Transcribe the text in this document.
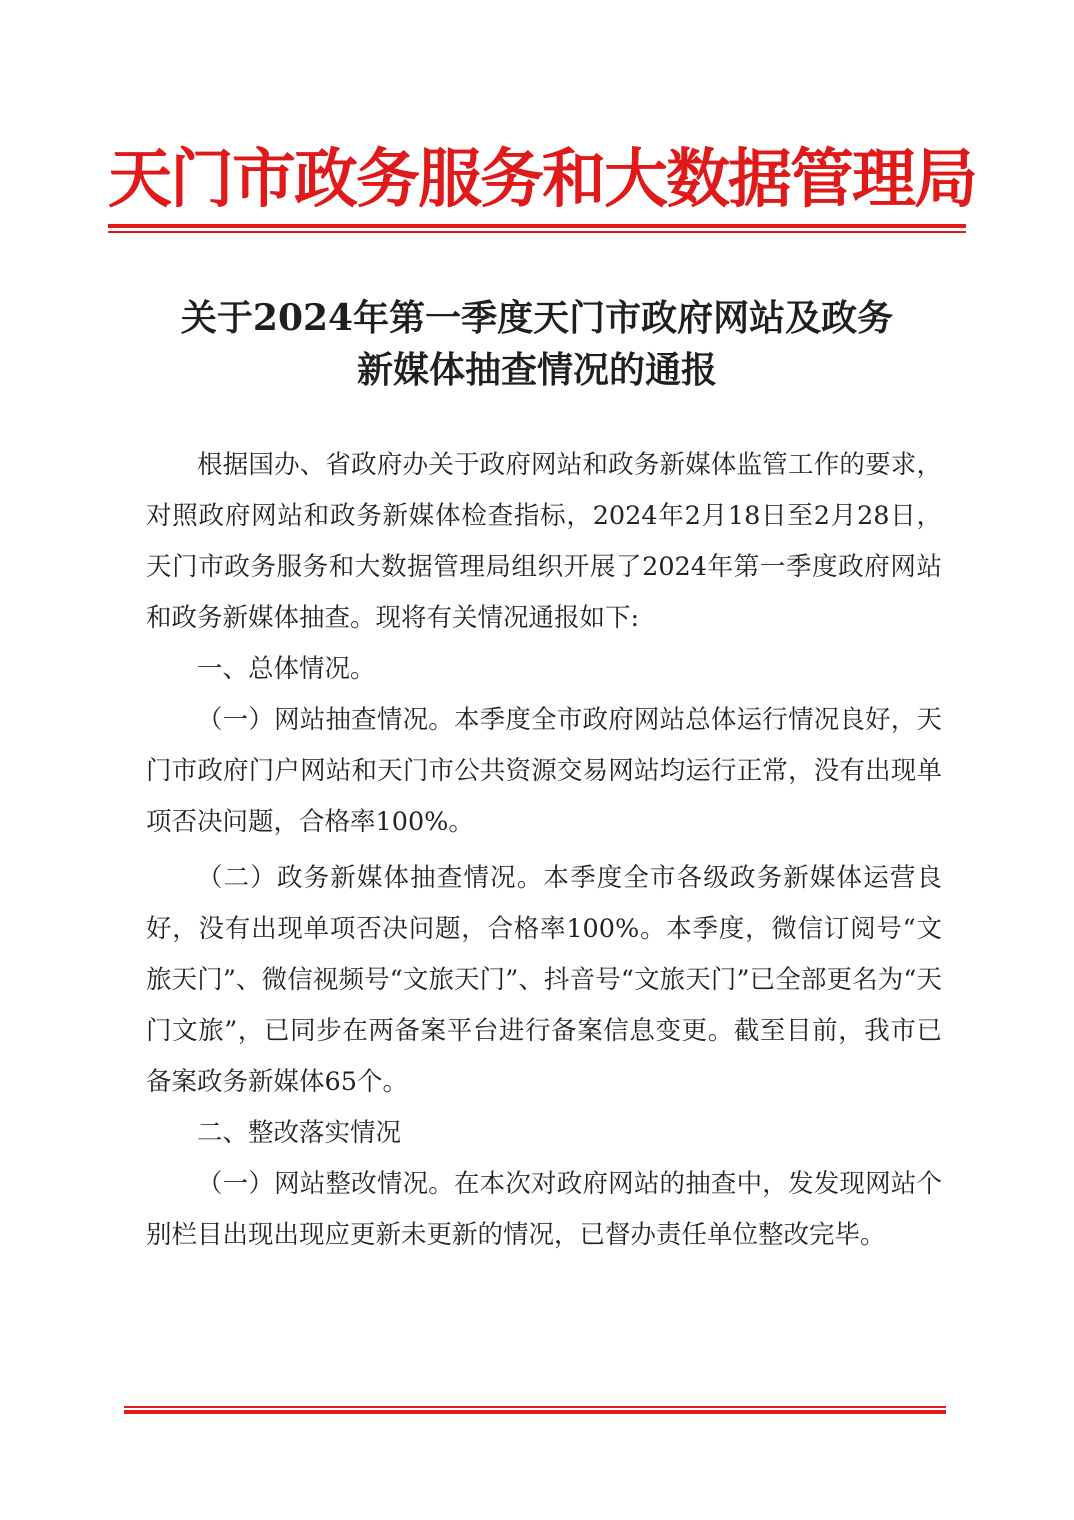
天门市政务服务和大数据管理局
关于2024年第一季度天门市政府网站及政务
新媒体抽查情况的通报

根据国办、省政府办关于政府网站和政务新媒体监管工作的要求，对照政府网站和政务新媒体检查指标，2024年2月18日至2月28日，天门市政务服务和大数据管理局组织开展了2024年第一季度政府网站和政务新媒体抽查。现将有关情况通报如下:

一、总体情况。

（一）网站抽查情况。本季度全市政府网站总体运行情况良好，天门市政府门户网站和天门市公共资源交易网站均运行正常，没有出现单项否决问题，合格率100%。

（二）政务新媒体抽查情况。本季度全市各级政务新媒体运营良好，没有出现单项否决问题，合格率100%。本季度，微信订阅号“文旅天门”、微信视频号“文旅天门”、抖音号“文旅天门”已全部更名为“天门文旅”，已同步在两备案平台进行备案信息变更。截至目前，我市已备案政务新媒体65个。

二、整改落实情况

（一）网站整改情况。在本次对政府网站的抽查中，发发现网站个别栏目出现出现应更新未更新的情况，已督办责任单位整改完毕。
